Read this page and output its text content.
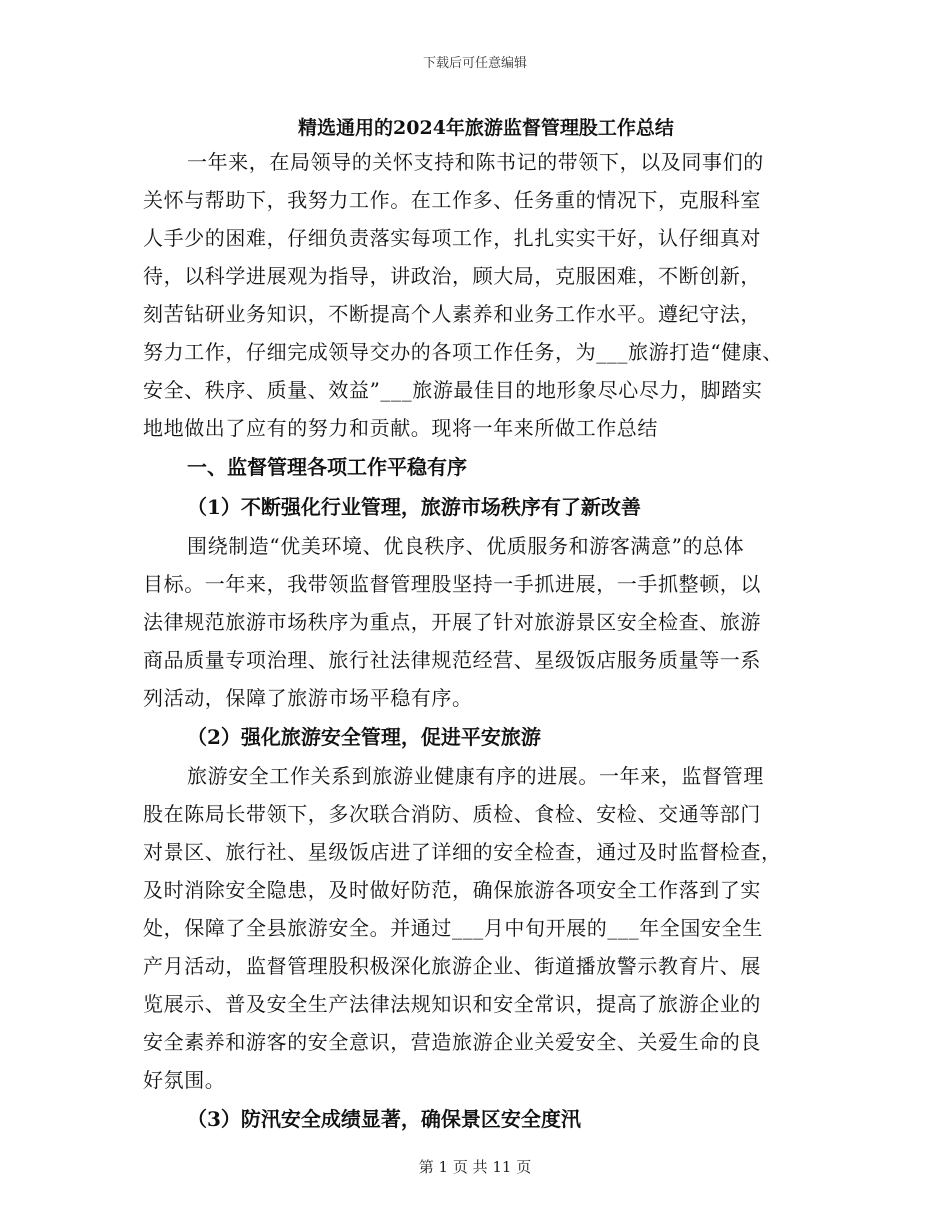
下载后可任意编辑
精选通用的2024年旅游监督管理股工作总结
一年来，在局领导的关怀支持和陈书记的带领下，以及同事们的
关怀与帮助下，我努力工作。在工作多、任务重的情况下，克服科室
人手少的困难，仔细负责落实每项工作，扎扎实实干好，认仔细真对
待，以科学进展观为指导，讲政治，顾大局，克服困难，不断创新，
刻苦钻研业务知识，不断提高个人素养和业务工作水平。遵纪守法，
努力工作，仔细完成领导交办的各项工作任务，为___旅游打造“健康、
安全、秩序、质量、效益”___旅游最佳目的地形象尽心尽力，脚踏实
地地做出了应有的努力和贡献。现将一年来所做工作总结
一、监督管理各项工作平稳有序
（1）不断强化行业管理，旅游市场秩序有了新改善
围绕制造“优美环境、优良秩序、优质服务和游客满意”的总体
目标。一年来，我带领监督管理股坚持一手抓进展，一手抓整顿，以
法律规范旅游市场秩序为重点，开展了针对旅游景区安全检查、旅游
商品质量专项治理、旅行社法律规范经营、星级饭店服务质量等一系
列活动，保障了旅游市场平稳有序。
（2）强化旅游安全管理，促进平安旅游
旅游安全工作关系到旅游业健康有序的进展。一年来，监督管理
股在陈局长带领下，多次联合消防、质检、食检、安检、交通等部门
对景区、旅行社、星级饭店进了详细的安全检查，通过及时监督检查，
及时消除安全隐患，及时做好防范，确保旅游各项安全工作落到了实
处，保障了全县旅游安全。并通过___月中旬开展的___年全国安全生
产月活动，监督管理股积极深化旅游企业、街道播放警示教育片、展
览展示、普及安全生产法律法规知识和安全常识，提高了旅游企业的
安全素养和游客的安全意识，营造旅游企业关爱安全、关爱生命的良
好氛围。
（3）防汛安全成绩显著，确保景区安全度汛
第 1 页 共 11 页
